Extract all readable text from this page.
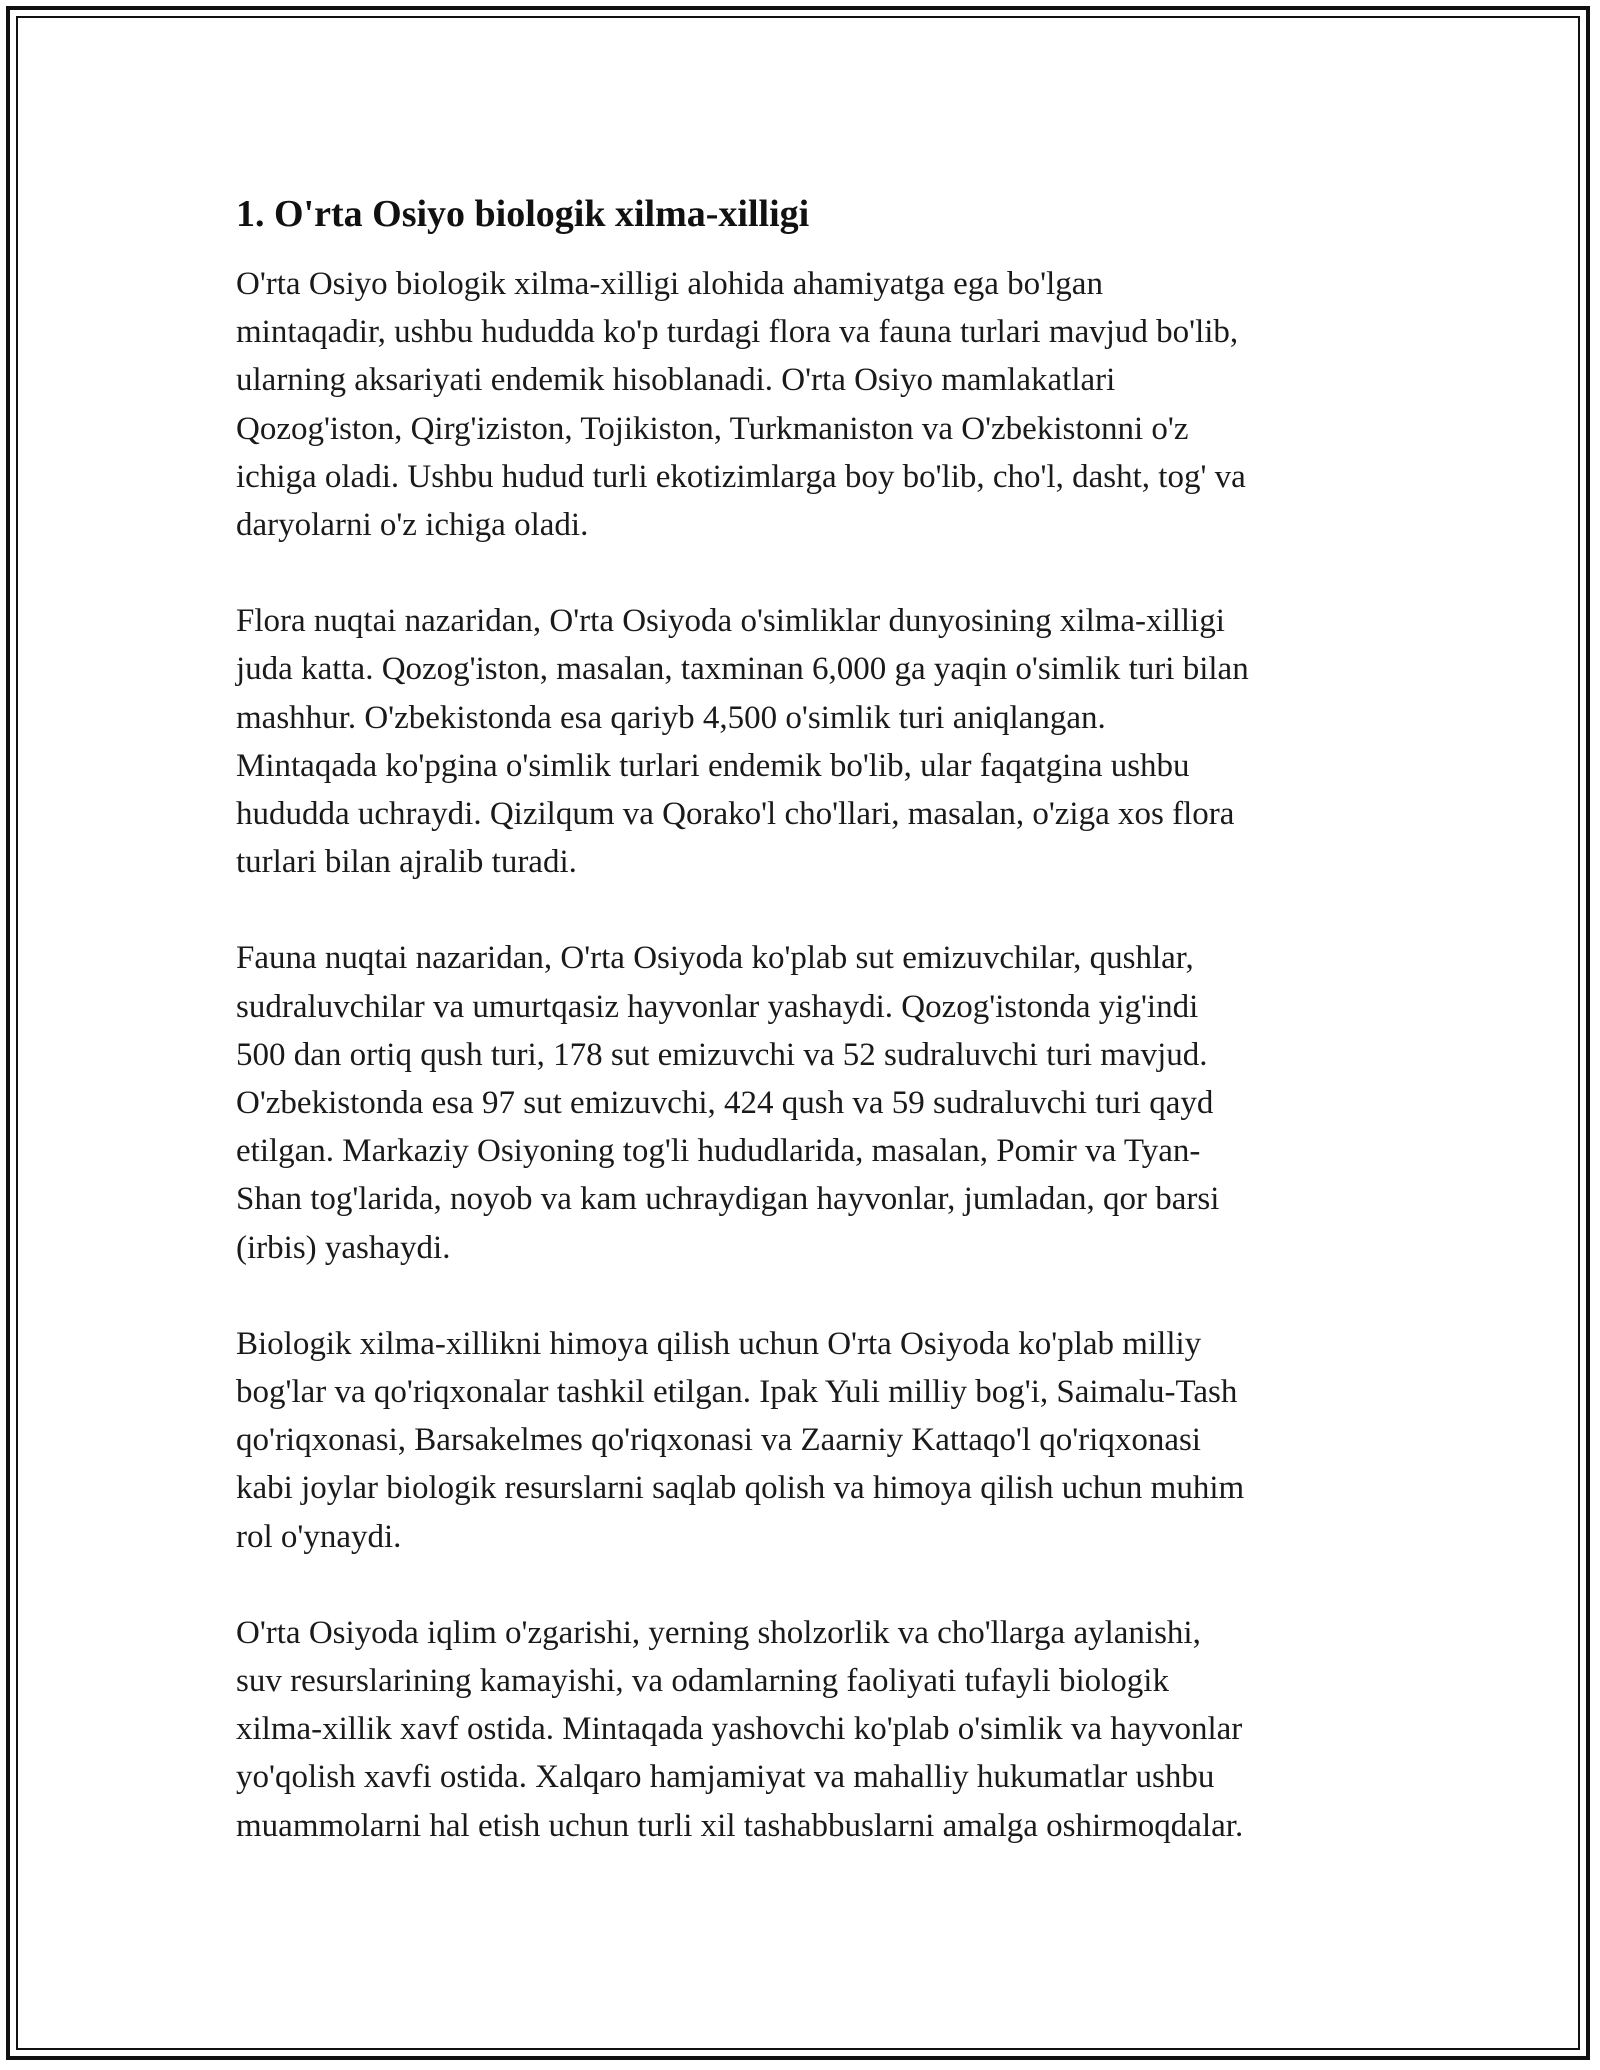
1. O'rta Osiyo biologik xilma-xilligi

O'rta Osiyo biologik xilma-xilligi alohida ahamiyatga ega bo'lgan
mintaqadir, ushbu hududda ko'p turdagi flora va fauna turlari mavjud bo'lib,
ularning aksariyati endemik hisoblanadi. O'rta Osiyo mamlakatlari
Qozog'iston, Qirg'iziston, Tojikiston, Turkmaniston va O'zbekistonni o'z
ichiga oladi. Ushbu hudud turli ekotizimlarga boy bo'lib, cho'l, dasht, tog' va
daryolarni o'z ichiga oladi.

Flora nuqtai nazaridan, O'rta Osiyoda o'simliklar dunyosining xilma-xilligi
juda katta. Qozog'iston, masalan, taxminan 6,000 ga yaqin o'simlik turi bilan
mashhur. O'zbekistonda esa qariyb 4,500 o'simlik turi aniqlangan.
Mintaqada ko'pgina o'simlik turlari endemik bo'lib, ular faqatgina ushbu
hududda uchraydi. Qizilqum va Qorako'l cho'llari, masalan, o'ziga xos flora
turlari bilan ajralib turadi.

Fauna nuqtai nazaridan, O'rta Osiyoda ko'plab sut emizuvchilar, qushlar,
sudraluvchilar va umurtqasiz hayvonlar yashaydi. Qozog'istonda yig'indi
500 dan ortiq qush turi, 178 sut emizuvchi va 52 sudraluvchi turi mavjud.
O'zbekistonda esa 97 sut emizuvchi, 424 qush va 59 sudraluvchi turi qayd
etilgan. Markaziy Osiyoning tog'li hududlarida, masalan, Pomir va Tyan-
Shan tog'larida, noyob va kam uchraydigan hayvonlar, jumladan, qor barsi
(irbis) yashaydi.

Biologik xilma-xillikni himoya qilish uchun O'rta Osiyoda ko'plab milliy
bog'lar va qo'riqxonalar tashkil etilgan. Ipak Yuli milliy bog'i, Saimalu-Tash
qo'riqxonasi, Barsakelmes qo'riqxonasi va Zaarniy Kattaqo'l qo'riqxonasi
kabi joylar biologik resurslarni saqlab qolish va himoya qilish uchun muhim
rol o'ynaydi.

O'rta Osiyoda iqlim o'zgarishi, yerning sholzorlik va cho'llarga aylanishi,
suv resurslarining kamayishi, va odamlarning faoliyati tufayli biologik
xilma-xillik xavf ostida. Mintaqada yashovchi ko'plab o'simlik va hayvonlar
yo'qolish xavfi ostida. Xalqaro hamjamiyat va mahalliy hukumatlar ushbu
muammolarni hal etish uchun turli xil tashabbuslarni amalga oshirmoqdalar.
